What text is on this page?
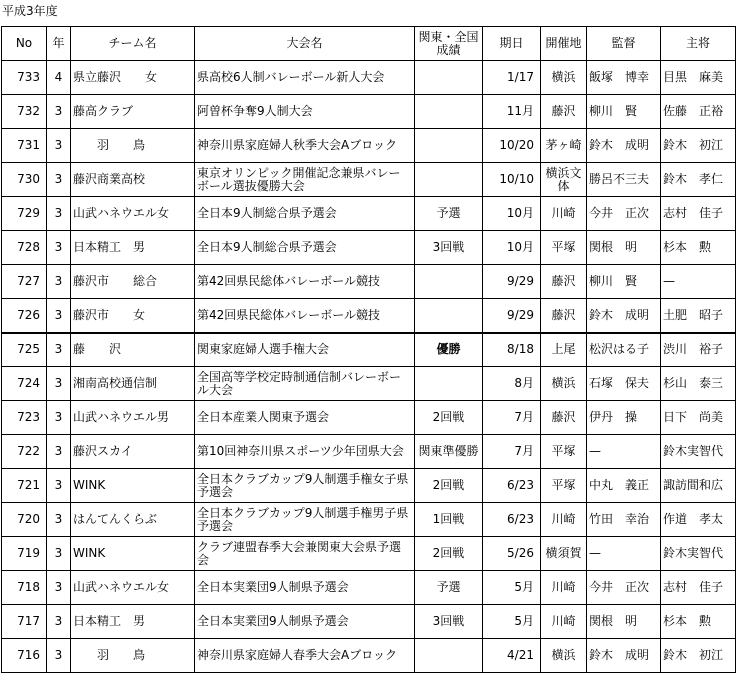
平成3年度
No	年	チーム名	大会名	関東・全国成績	期日	開催地	監督	主将
733	4	県立藤沢　　女	県高校6人制バレーボール新人大会		1/17	横浜	飯塚　博幸	目黒　麻美
732	3	藤高クラブ	阿曽杯争奪9人制大会		11月	藤沢	柳川　賢	佐藤　正裕
731	3	　　羽　　鳥	神奈川県家庭婦人秋季大会Aブロック		10/20	茅ヶ崎	鈴木　成明	鈴木　初江
730	3	藤沢商業高校	東京オリンピック開催記念兼県バレーボール選抜優勝大会		10/10	横浜文体	勝呂不三夫	鈴木　孝仁
729	3	山武ハネウエル女	全日本9人制総合県予選会	予選	10月	川崎	今井　正次	志村　佳子
728	3	日本精工　男	全日本9人制総合県予選会	3回戦	10月	平塚	関根　明	杉本　勲
727	3	藤沢市　　総合	第42回県民総体バレーボール競技		9/29	藤沢	柳川　賢	—
726	3	藤沢市　　女	第42回県民総体バレーボール競技		9/29	藤沢	鈴木　成明	土肥　昭子
725	3	藤　　沢	関東家庭婦人選手権大会	優勝	8/18	上尾	松沢はる子	渋川　裕子
724	3	湘南高校通信制	全国高等学校定時制通信制バレーボール大会		8月	横浜	石塚　保夫	杉山　泰三
723	3	山武ハネウエル男	全日本産業人関東予選会	2回戦	7月	藤沢	伊丹　操	日下　尚美
722	3	藤沢スカイ	第10回神奈川県スポーツ少年団県大会	関東準優勝	7月	平塚	—	鈴木実智代
721	3	WINK	全日本クラブカップ9人制選手権女子県予選会	2回戦	6/23	平塚	中丸　義正	諏訪間和広
720	3	はんてんくらぶ	全日本クラブカップ9人制選手権男子県予選会	1回戦	6/23	川崎	竹田　幸治	作道　孝太
719	3	WINK	クラブ連盟春季大会兼関東大会県予選会	2回戦	5/26	横須賀	—	鈴木実智代
718	3	山武ハネウエル女	全日本実業団9人制県予選会	予選	5月	川崎	今井　正次	志村　佳子
717	3	日本精工　男	全日本実業団9人制県予選会	3回戦	5月	川崎	関根　明	杉本　勲
716	3	　　羽　　鳥	神奈川県家庭婦人春季大会Aブロック		4/21	横浜	鈴木　成明	鈴木　初江
